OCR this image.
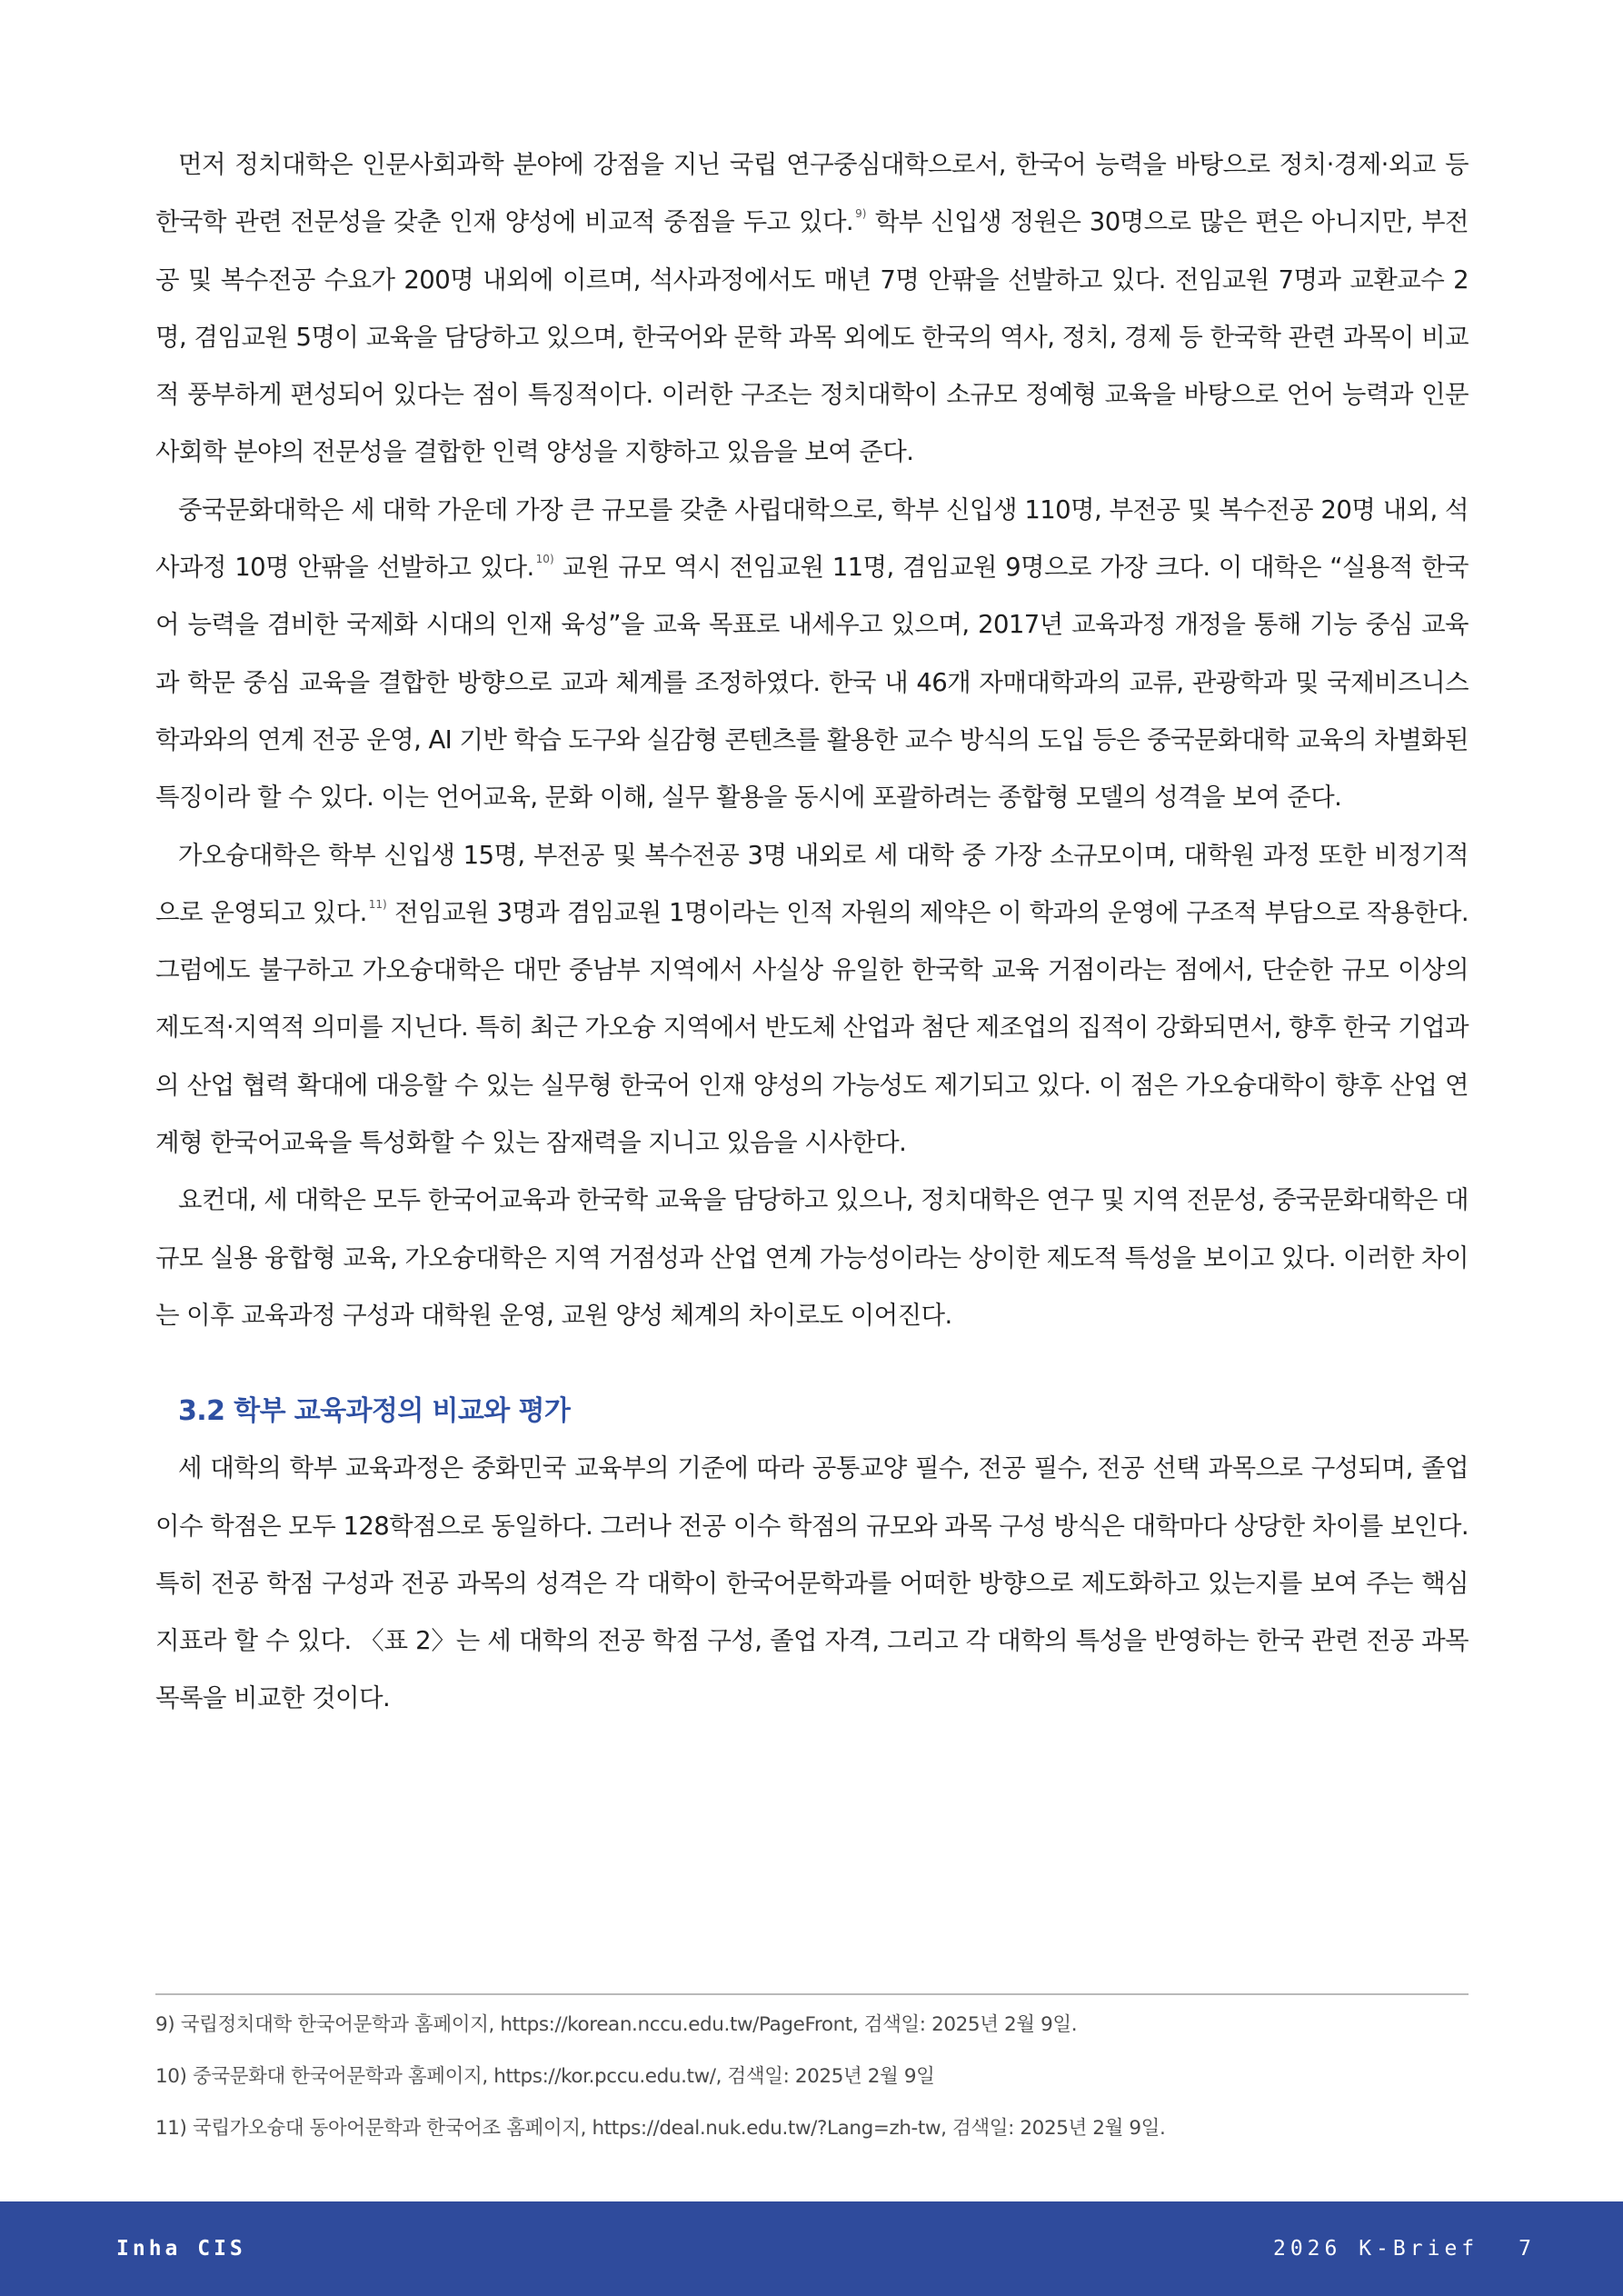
먼저 정치대학은 인문사회과학 분야에 강점을 지닌 국립 연구중심대학으로서, 한국어 능력을 바탕으로 정치·경제·외교 등 한국학 관련 전문성을 갖춘 인재 양성에 비교적 중점을 두고 있다. $^{9)}$ 학부 신입생 정원은 30명으로 많은 편은 아니지만, 부전공 및 복수전공 수요가 200명 내외에 이르며, 석사과정에서도 매년 7명 안팎을 선발하고 있다. 전임교원 7명과 교환교수 2명, 겸임교원 5명이 교육을 담당하고 있으며, 한국어와 문학 과목 외에도 한국의 역사, 정치, 경제 등 한국학 관련 과목이 비교적 풍부하게 편성되어 있다는 점이 특징적이다. 이러한 구조는 정치대학이 소규모 정예형 교육을 바탕으로 언어 능력과 인문사회학 분야의 전문성을 결합한 인력 양성을 지향하고 있음을 보여 준다.

중국문화대학은 세 대학 가운데 가장 큰 규모를 갖춘 사립대학으로, 학부 신입생 110명, 부전공 및 복수전공 20명 내외, 석사과정 10명 안팎을 선발하고 있다. $^{10)}$ 교원 규모 역시 전임교원 11명, 겸임교원 9명으로 가장 크다. 이 대학은 “실용적 한국어 능력을 겸비한 국제화 시대의 인재 육성”을 교육 목표로 내세우고 있으며, 2017년 교육과정 개정을 통해 기능 중심 교육과 학문 중심 교육을 결합한 방향으로 교과 체계를 조정하였다. 한국 내 46개 자매대학과의 교류, 관광학과 및 국제비즈니스학과와의 연계 전공 운영, AI 기반 학습 도구와 실감형 콘텐츠를 활용한 교수 방식의 도입 등은 중국문화대학 교육의 차별화된 특징이라 할 수 있다. 이는 언어교육, 문화 이해, 실무 활용을 동시에 포괄하려는 종합형 모델의 성격을 보여 준다.

가오슝대학은 학부 신입생 15명, 부전공 및 복수전공 3명 내외로 세 대학 중 가장 소규모이며, 대학원 과정 또한 비정기적으로 운영되고 있다. $^{11)}$ 전임교원 3명과 겸임교원 1명이라는 인적 자원의 제약은 이 학과의 운영에 구조적 부담으로 작용한다. 그럼에도 불구하고 가오슝대학은 대만 중남부 지역에서 사실상 유일한 한국학 교육 거점이라는 점에서, 단순한 규모 이상의 제도적·지역적 의미를 지닌다. 특히 최근 가오슝 지역에서 반도체 산업과 첨단 제조업의 집적이 강화되면서, 향후 한국 기업과의 산업 협력 확대에 대응할 수 있는 실무형 한국어 인재 양성의 가능성도 제기되고 있다. 이 점은 가오슝대학이 향후 산업 연계형 한국어교육을 특성화할 수 있는 잠재력을 지니고 있음을 시사한다.

요컨대, 세 대학은 모두 한국어교육과 한국학 교육을 담당하고 있으나, 정치대학은 연구 및 지역 전문성, 중국문화대학은 대규모 실용 융합형 교육, 가오슝대학은 지역 거점성과 산업 연계 가능성이라는 상이한 제도적 특성을 보이고 있다. 이러한 차이는 이후 교육과정 구성과 대학원 운영, 교원 양성 체계의 차이로도 이어진다.

3.2 학부 교육과정의 비교와 평가

세 대학의 학부 교육과정은 중화민국 교육부의 기준에 따라 공통교양 필수, 전공 필수, 전공 선택 과목으로 구성되며, 졸업 이수 학점은 모두 128학점으로 동일하다. 그러나 전공 이수 학점의 규모와 과목 구성 방식은 대학마다 상당한 차이를 보인다. 특히 전공 학점 구성과 전공 과목의 성격은 각 대학이 한국어문학과를 어떠한 방향으로 제도화하고 있는지를 보여 주는 핵심 지표라 할 수 있다. 〈표 2〉는 세 대학의 전공 학점 구성, 졸업 자격, 그리고 각 대학의 특성을 반영하는 한국 관련 전공 과목 목록을 비교한 것이다.

9) 국립정치대학 한국어문학과 홈페이지, https://korean.nccu.edu.tw/PageFront, 검색일: 2025년 2월 9일.

10) 중국문화대 한국어문학과 홈페이지, https://kor.pccu.edu.tw/, 검색일: 2025년 2월 9일

11) 국립가오슝대 동아어문학과 한국어조 홈페이지, https://deal.nuk.edu.tw/?Lang=zh-tw, 검색일: 2025년 2월 9일.

Inha CIS	2026 K-Brief 7
